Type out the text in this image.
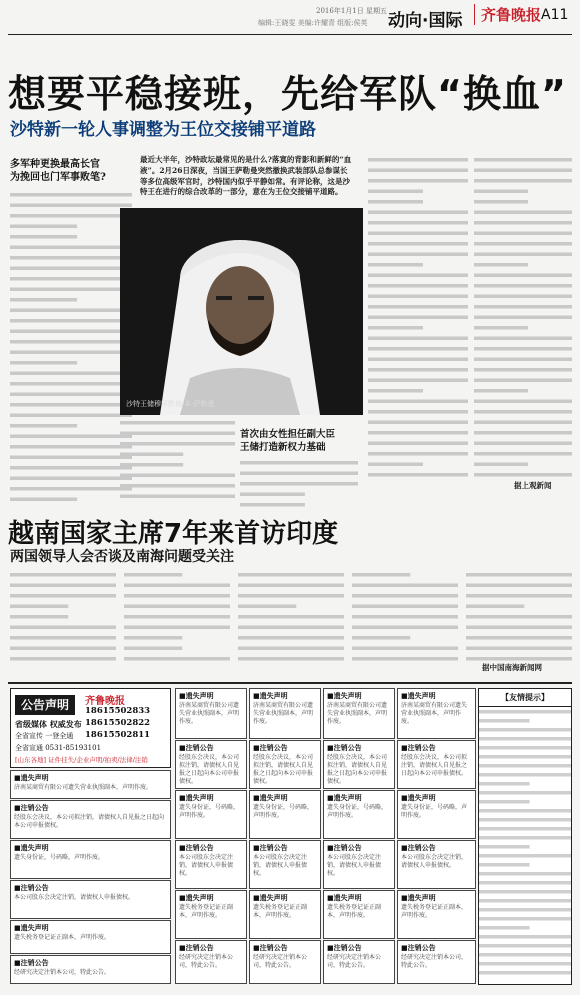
2016年1月1日 星期五
编辑:王晓雯 美编:许耀青 组版:侯英 动向·国际	齐鲁晚报 A11
想要平稳接班，先给军队“换血”
沙特新一轮人事调整为王位交接铺平道路
多军种更换最高长官
为挽回也门军事败笔?
最近大半年，沙特政坛最常见的是什么?落寞的背影和新鲜的“血液”。2月26日深夜，当国王萨勒曼突然撤换武装部队总参谋长等多位高级军官时，沙特国内似乎平静如常。有评论称，这是沙特王在进行的综合改革的一部分，意在为王位交接铺平道路。
沙特王储穆罕默德·本·萨勒曼
首次由女性担任副大臣
王储打造新权力基础
据上观新闻
越南国家主席7年来首访印度
两国领导人会否谈及南海问题受关注
据中国南海新闻网
公告声明	齐鲁晚报
18615502833
18615502822
18615502811
省级媒体 权威发布
全省宣传 一登全通
全省宣通 0531-85193101
[山东各地] 证件挂失/企业声明/拍卖/法律/注销
■遗失声明
济南某商贸有限公司遗失营业执照副本，声明作废。
■注销公告
经股东会决议，本公司拟注销，请债权人自见报之日起向本公司申报债权。
■遗失声明
遗失身份证，号码略，声明作废。
■注销公告
本公司股东会决定注销，请债权人申报债权。
■遗失声明
遗失税务登记证正副本，声明作废。
■注销公告
经研究决定注销本公司，特此公告。
■遗失声明
济南某商贸有限公司遗失营业执照副本，声明作废。
■注销公告
经股东会决议，本公司拟注销，请债权人自见报之日起向本公司申报债权。
■遗失声明
遗失身份证，号码略，声明作废。
■注销公告
本公司股东会决定注销，请债权人申报债权。
■遗失声明
遗失税务登记证正副本，声明作废。
■注销公告
经研究决定注销本公司，特此公告。
■遗失声明
济南某商贸有限公司遗失营业执照副本，声明作废。
■注销公告
经股东会决议，本公司拟注销，请债权人自见报之日起向本公司申报债权。
■遗失声明
遗失身份证，号码略，声明作废。
■注销公告
本公司股东会决定注销，请债权人申报债权。
■遗失声明
遗失税务登记证正副本，声明作废。
■注销公告
经研究决定注销本公司，特此公告。
■遗失声明
济南某商贸有限公司遗失营业执照副本，声明作废。
■注销公告
经股东会决议，本公司拟注销，请债权人自见报之日起向本公司申报债权。
■遗失声明
遗失身份证，号码略，声明作废。
■注销公告
本公司股东会决定注销，请债权人申报债权。
■遗失声明
遗失税务登记证正副本，声明作废。
■注销公告
经研究决定注销本公司，特此公告。
■遗失声明
济南某商贸有限公司遗失营业执照副本，声明作废。
■注销公告
经股东会决议，本公司拟注销，请债权人自见报之日起向本公司申报债权。
■遗失声明
遗失身份证，号码略，声明作废。
■注销公告
本公司股东会决定注销，请债权人申报债权。
■遗失声明
遗失税务登记证正副本，声明作废。
■注销公告
经研究决定注销本公司，特此公告。
【友情提示】
